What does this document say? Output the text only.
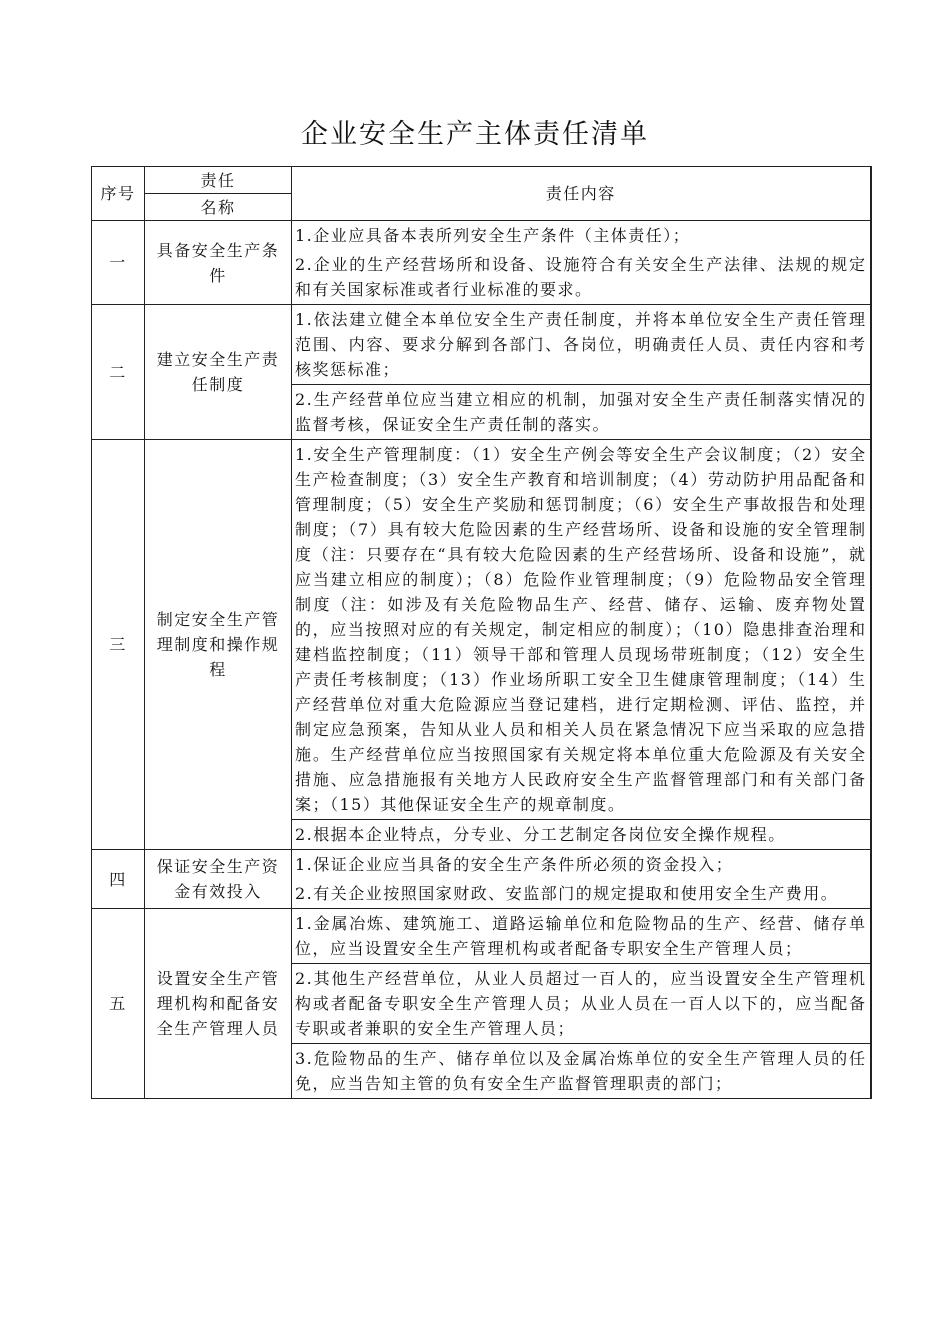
企业安全生产主体责任清单
序号	责任	责任内容
	名称	
一	具备安全生产条件	1.企业应具备本表所列安全生产条件（主体责任）；
		2.企业的生产经营场所和设备、设施符合有关安全生产法律、法规的规定和有关国家标准或者行业标准的要求。
二	建立安全生产责任制度	1.依法建立健全本单位安全生产责任制度，并将本单位安全生产责任管理范围、内容、要求分解到各部门、各岗位，明确责任人员、责任内容和考核奖惩标准；
		2.生产经营单位应当建立相应的机制，加强对安全生产责任制落实情况的监督考核，保证安全生产责任制的落实。
三	制定安全生产管理制度和操作规程	1.安全生产管理制度：（1）安全生产例会等安全生产会议制度；（2）安全生产检查制度；（3）安全生产教育和培训制度；（4）劳动防护用品配备和管理制度；（5）安全生产奖励和惩罚制度；（6）安全生产事故报告和处理制度；（7）具有较大危险因素的生产经营场所、设备和设施的安全管理制度（注：只要存在“具有较大危险因素的生产经营场所、设备和设施”，就应当建立相应的制度）；（8）危险作业管理制度；（9）危险物品安全管理制度（注：如涉及有关危险物品生产、经营、储存、运输、废弃物处置的，应当按照对应的有关规定，制定相应的制度）；（10）隐患排查治理和建档监控制度；（11）领导干部和管理人员现场带班制度；（12）安全生产责任考核制度；（13）作业场所职工安全卫生健康管理制度；（14）生产经营单位对重大危险源应当登记建档，进行定期检测、评估、监控，并制定应急预案，告知从业人员和相关人员在紧急情况下应当采取的应急措施。生产经营单位应当按照国家有关规定将本单位重大危险源及有关安全措施、应急措施报有关地方人民政府安全生产监督管理部门和有关部门备案；（15）其他保证安全生产的规章制度。
		2.根据本企业特点，分专业、分工艺制定各岗位安全操作规程。
四	保证安全生产资金有效投入	1.保证企业应当具备的安全生产条件所必须的资金投入；
		2.有关企业按照国家财政、安监部门的规定提取和使用安全生产费用。
五	设置安全生产管理机构和配备安全生产管理人员	1.金属冶炼、建筑施工、道路运输单位和危险物品的生产、经营、储存单位，应当设置安全生产管理机构或者配备专职安全生产管理人员；
		2.其他生产经营单位，从业人员超过一百人的，应当设置安全生产管理机构或者配备专职安全生产管理人员；从业人员在一百人以下的，应当配备专职或者兼职的安全生产管理人员；
		3.危险物品的生产、储存单位以及金属冶炼单位的安全生产管理人员的任免，应当告知主管的负有安全生产监督管理职责的部门；
